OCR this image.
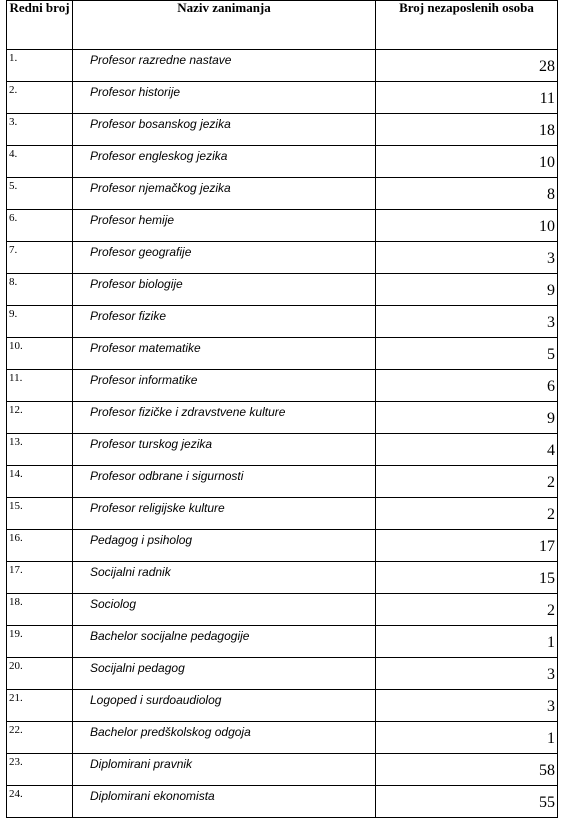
Redni broj	Naziv zanimanja	Broj nezaposlenih osoba
1.	Profesor razredne nastave	28
2.	Profesor historije	11
3.	Profesor bosanskog jezika	18
4.	Profesor engleskog jezika	10
5.	Profesor njemačkog jezika	8
6.	Profesor hemije	10
7.	Profesor geografije	3
8.	Profesor biologije	9
9.	Profesor fizike	3
10.	Profesor matematike	5
11.	Profesor informatike	6
12.	Profesor fizičke i zdravstvene kulture	9
13.	Profesor turskog jezika	4
14.	Profesor odbrane i sigurnosti	2
15.	Profesor religijske kulture	2
16.	Pedagog i psiholog	17
17.	Socijalni radnik	15
18.	Sociolog	2
19.	Bachelor socijalne pedagogije	1
20.	Socijalni pedagog	3
21.	Logoped i surdoaudiolog	3
22.	Bachelor predškolskog odgoja	1
23.	Diplomirani pravnik	58
24.	Diplomirani ekonomista	55
